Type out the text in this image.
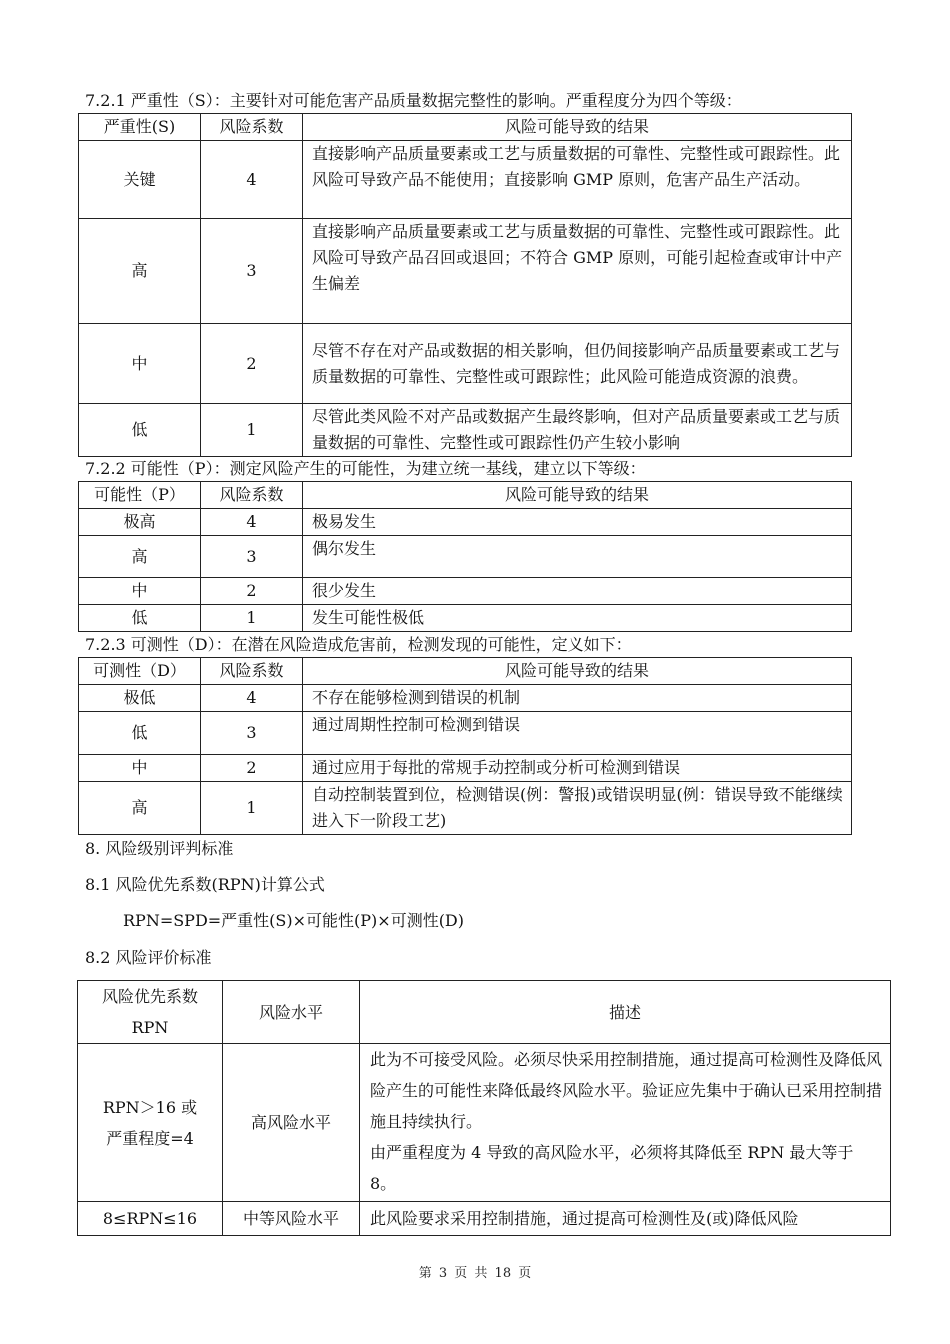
7.2.1 严重性（S）：主要针对可能危害产品质量数据完整性的影响。严重程度分为四个等级：
严重性(S)	风险系数	风险可能导致的结果
关键	4	直接影响产品质量要素或工艺与质量数据的可靠性、完整性或可跟踪性。此风险可导致产品不能使用；直接影响 GMP 原则，危害产品生产活动。
高	3	直接影响产品质量要素或工艺与质量数据的可靠性、完整性或可跟踪性。此风险可导致产品召回或退回；不符合 GMP 原则，可能引起检查或审计中产生偏差
中	2	尽管不存在对产品或数据的相关影响，但仍间接影响产品质量要素或工艺与质量数据的可靠性、完整性或可跟踪性；此风险可能造成资源的浪费。
低	1	尽管此类风险不对产品或数据产生最终影响，但对产品质量要素或工艺与质量数据的可靠性、完整性或可跟踪性仍产生较小影响
7.2.2 可能性（P）：测定风险产生的可能性，为建立统一基线，建立以下等级：
可能性（P）	风险系数	风险可能导致的结果
极高	4	极易发生
高	3	偶尔发生
中	2	很少发生
低	1	发生可能性极低
7.2.3 可测性（D）：在潜在风险造成危害前，检测发现的可能性，定义如下：
可测性（D）	风险系数	风险可能导致的结果
极低	4	不存在能够检测到错误的机制
低	3	通过周期性控制可检测到错误
中	2	通过应用于每批的常规手动控制或分析可检测到错误
高	1	自动控制装置到位，检测错误(例：警报)或错误明显(例：错误导致不能继续进入下一阶段工艺)
8. 风险级别评判标准
8.1 风险优先系数(RPN)计算公式
RPN=SPD=严重性(S)×可能性(P)×可测性(D)
8.2 风险评价标准
风险优先系数 RPN	风险水平	描述
RPN＞16 或严重程度=4	高风险水平	此为不可接受风险。必须尽快采用控制措施，通过提高可检测性及降低风险产生的可能性来降低最终风险水平。验证应先集中于确认已采用控制措施且持续执行。
由严重程度为 4 导致的高风险水平，必须将其降低至 RPN 最大等于 8。

8≤RPN≤16	中等风险水平	此风险要求采用控制措施，通过提高可检测性及(或)降低风险
第 3 页 共 18 页
